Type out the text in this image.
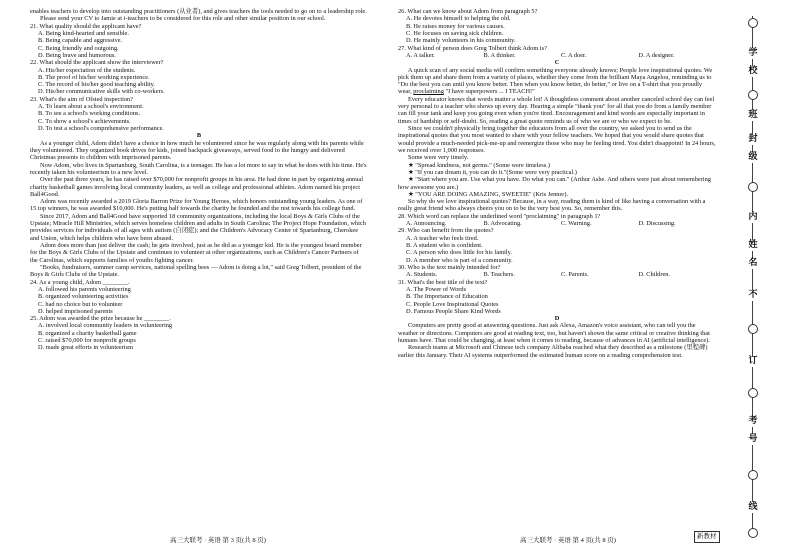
enables teachers to develop into outstanding practitioners (从业者), and gives teachers the tools needed to go on to a leadership role.

Please send your CV to Jamie at i-teachers to be considered for this role and other similar position in our school.

21. What quality should the applicant have?

A. Being kind-hearted and sensible.

B. Being capable and aggressive.

C. Being friendly and outgoing.

D. Being brave and humorous.

22. What should the applicant show the interviewer?

A. His/her expectation of the students.

B. The proof of his/her working experience.

C. The record of his/her good teaching ability.

D. His/her communicative skills with co-workers.

23. What's the aim of Ofsted inspection?

A. To learn about a school's environment.

B. To see a school's working conditions.

C. To show a school's achievements.

D. To test a school's comprehensive performance.

B

As a younger child, Adom didn't have a choice in how much he volunteered since he was regularly along with his parents while they volunteered. They organized book drives for kids, joined backpack giveaways, served food to the hungry and delivered Christmas presents to children with imprisoned parents.

Now Adom, who lives in Spartanburg, South Carolina, is a teenager. He has a lot more to say in what he does with his time. He's recently taken his volunteerism to a new level.

Over the past three years, he has raised over $70,000 for nonprofit groups in his area. He had done in part by organizing annual charity basketball games involving local community leaders, as well as college and professional athletes. Adom named his project Ball4Good.

Adom was recently awarded a 2019 Gloria Barron Prize for Young Heroes, which honors outstanding young leaders. As one of 15 top winners, he was awarded $10,000. He's putting half towards the charity he founded and the rest towards his college fund.

Since 2017, Adom and Ball4Good have supported 18 community organizations, including the local Boys & Girls Clubs of the Upstate; Miracle Hill Ministries, which serves homeless children and adults in South Carolina; The Project Hope Foundation, which provides services for individuals of all ages with autism (自闭症); and the Children's Advocacy Center of Spartanburg, Cherokee and Union, which helps children who have been abused.

Adom does more than just deliver the cash; he gets involved, just as he did as a younger kid. He is the youngest board member for the Boys & Girls Clubs of the Upstate and continues to volunteer at other organizations, such as Children's Cancer Partners of the Carolinas, which supports families of youths fighting cancer.

"Books, fundraisers, summer camp services, national spelling bees — Adom is doing a lot," said Greg Tolbert, president of the Boys & Girls Clubs of the Upstate.

24. As a young child, Adom ________.

A. followed his parents volunteering

B. organized volunteering activities

C. had no choice but to volunteer

D. helped imprisoned parents

25. Adom was awarded the prize because he ________.

A. involved local community leaders in volunteering

B. organized a charity basketball game

C. raised $70,000 for nonprofit groups

D. made great efforts in volunteerism

26. What can we know about Adom from paragraph 5?

A. He devotes himself to helping the old.

B. He raises money for various causes.

C. He focuses on saving sick children.

D. He mainly volunteers in his community.

27. What kind of person does Greg Tolbert think Adom is?

A. A talker.	B. A thinker.	C. A doer.	D. A designer.

C

A quick scan of any social media will confirm something everyone already knows; People love inspirational quotes. We pick them up and share them from a variety of places, whether they come from the brilliant Maya Angelou, reminding us to "Do the best you can until you know better. Then when you know better, do better," or live on a T-shirt that you proudly wear, proclaiming "I have superpowers ... I TEACH!"

Every educator knows that words matter a whole lot! A thoughtless comment about another canceled school day can feel very personal to a teacher who shows up every day. Hearing a simple "thank you" for all that you do from a family member can fill your tank and keep you going even when you're tired. Encouragement and kind words are especially important in times of hardship or self-doubt. So, reading a great quote reminds us of who we are or who we expect to be.

Since we couldn't physically bring together the educators from all over the country, we asked you to send us the inspirational quotes that you most wanted to share with your fellow teachers. We hoped that you would share quotes that would provide a much-needed pick-me-up and reenergize those who may be feeling tired. You didn't disappoint! In 24 hours, we received over 1,000 responses.

Some were very timely.

★ "Spread kindness, not germs." (Some were timeless.)

★ "If you can dream it, you can do it."(Some were very practical.)

★ "Start where you are. Use what you have. Do what you can." (Arthur Ashe. And others were just about remembering how awesome you are.)

★ "YOU ARE DOING AMAZING, SWEETIE" (Kris Jenner).

So why do we love inspirational quotes? Because, in a way, reading them is kind of like having a conversation with a really great friend who always cheers you on to be the very best you. So, remember this.

28. Which word can replace the underlined word "proclaiming" in paragraph 1?

A. Announcing.	B. Advocating.	C. Warning.	D. Discussing.

29. Who can benefit from the quotes?

A. A teacher who feels tired.

B. A student who is confident.

C. A person who does little for his family.

D. A member who is part of a community.

30. Who is the text mainly intended for?

A. Students.	B. Teachers.	C. Parents.	D. Children.

31. What's the best title of the text?

A. The Power of Words

B. The Importance of Education

C. People Love Inspirational Quotes

D. Famous People Share Kind Words

D

Computers are pretty good at answering questions. Just ask Alexa, Amazon's voice assistant, who can tell you the weather or directions. Computers are good at reading text, too, but haven't shown the same critical or creative thinking that humans have. That could be changing, at least when it comes to reading, because of advances in AI (artificial intelligence).

Research teams at Microsoft and Chinese tech company Alibaba reached what they described as a milestone (里程碑) earlier this January. Their AI systems outperformed the estimated human score on a reading comprehension test.

高三大联考 · 英语 第 3 页(共 8 页)	高三大联考 · 英语 第 4 页(共 8 页)
新教材
学
校
班
封
级
内
姓
名
不
订
考
号
线
